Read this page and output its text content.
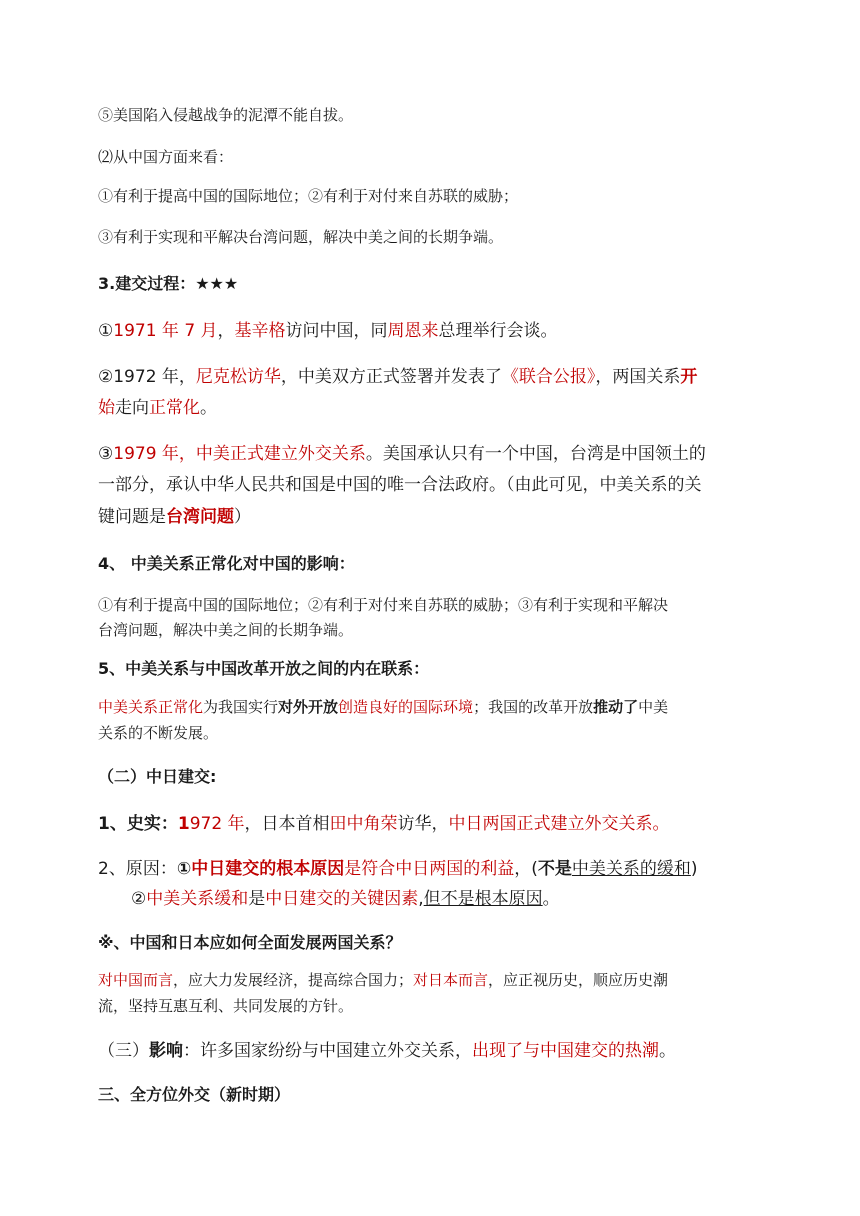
⑤美国陷入侵越战争的泥潭不能自拔。
⑵从中国方面来看：
①有利于提高中国的国际地位；②有利于对付来自苏联的威胁；
③有利于实现和平解决台湾问题，解决中美之间的长期争端。
3.建交过程：★★★
①1971 年 7 月，基辛格访问中国，同周恩来总理举行会谈。
②1972 年，尼克松访华，中美双方正式签署并发表了《联合公报》，两国关系开
始走向正常化。
③1979 年，中美正式建立外交关系。美国承认只有一个中国，台湾是中国领土的
一部分，承认中华人民共和国是中国的唯一合法政府。（由此可见，中美关系的关
键问题是台湾问题）
4、 中美关系正常化对中国的影响：
①有利于提高中国的国际地位；②有利于对付来自苏联的威胁；③有利于实现和平解决
台湾问题，解决中美之间的长期争端。
5、中美关系与中国改革开放之间的内在联系：
中美关系正常化为我国实行对外开放创造良好的国际环境；我国的改革开放推动了中美
关系的不断发展。
（二）中日建交:
1、史实：1972 年，日本首相田中角荣访华，中日两国正式建立外交关系。
2、原因：①中日建交的根本原因是符合中日两国的利益，(不是中美关系的缓和)
②中美关系缓和是中日建交的关键因素,但不是根本原因。
※、中国和日本应如何全面发展两国关系？
对中国而言，应大力发展经济，提高综合国力；对日本而言，应正视历史，顺应历史潮
流，坚持互惠互利、共同发展的方针。
（三）影响：许多国家纷纷与中国建立外交关系，出现了与中国建交的热潮。
三、全方位外交（新时期）
